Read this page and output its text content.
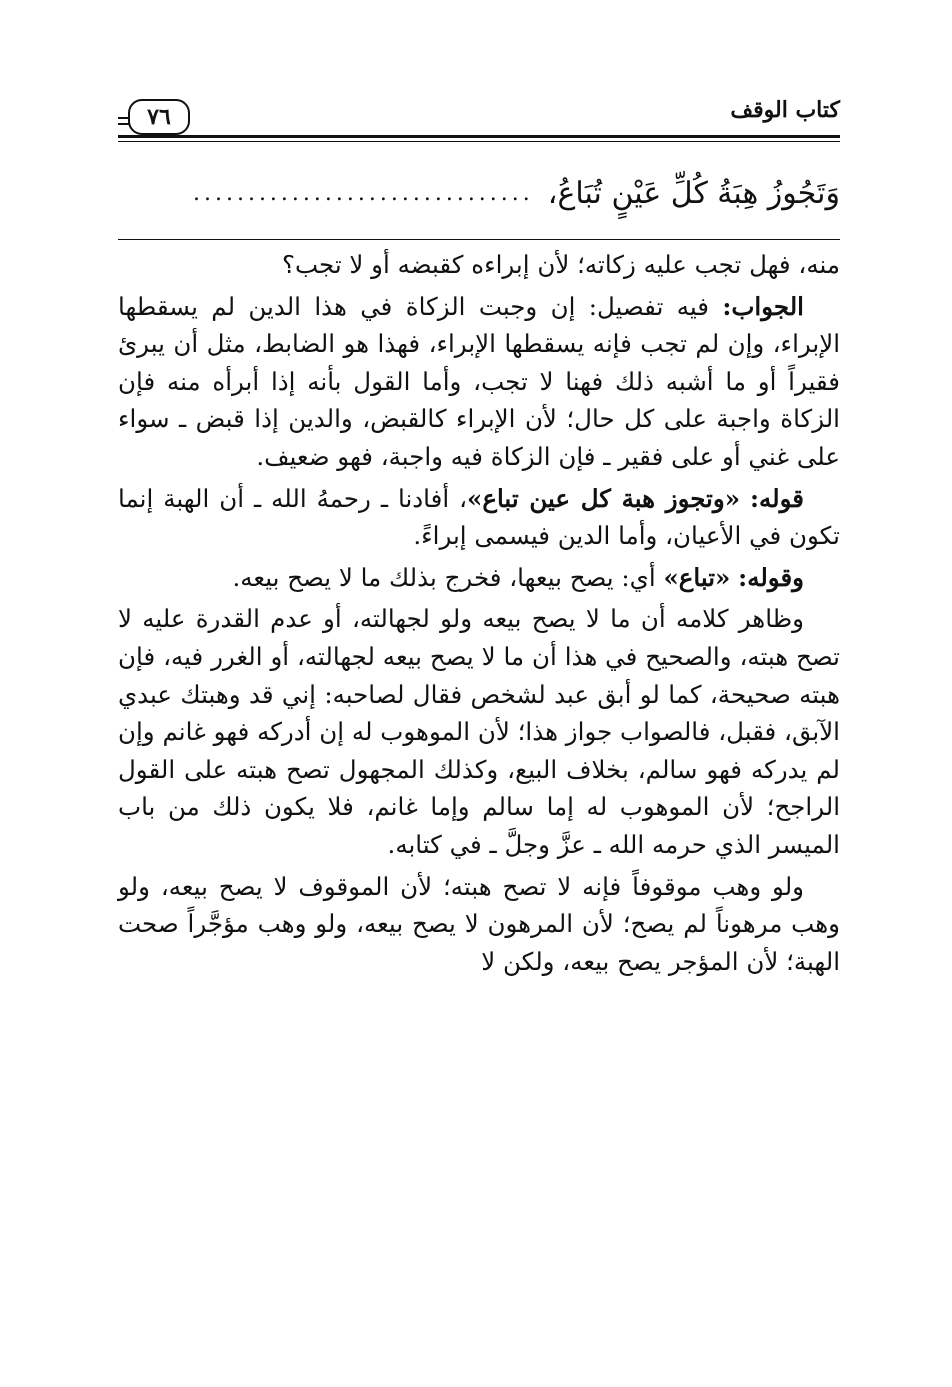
٧٦	كتاب الوقف
وَتَجُوزُ هِبَةُ كُلِّ عَيْنٍ تُبَاعُ،
...............................

منه، فهل تجب عليه زكاته؛ لأن إبراءه كقبضه أو لا تجب؟

الجواب: فيه تفصيل: إن وجبت الزكاة في هذا الدين لم يسقطها الإبراء، وإن لم تجب فإنه يسقطها الإبراء، فهذا هو الضابط، مثل أن يبرئ فقيراً أو ما أشبه ذلك فهنا لا تجب، وأما القول بأنه إذا أبرأه منه فإن الزكاة واجبة على كل حال؛ لأن الإبراء كالقبض، والدين إذا قبض ـ سواء على غني أو على فقير ـ فإن الزكاة فيه واجبة، فهو ضعيف.

قوله: «وتجوز هبة كل عين تباع»، أفادنا ـ رحمهُ الله ـ أن الهبة إنما تكون في الأعيان، وأما الدين فيسمى إبراءً.

وقوله: «تباع» أي: يصح بيعها، فخرج بذلك ما لا يصح بيعه.

وظاهر كلامه أن ما لا يصح بيعه ولو لجهالته، أو عدم القدرة عليه لا تصح هبته، والصحيح في هذا أن ما لا يصح بيعه لجهالته، أو الغرر فيه، فإن هبته صحيحة، كما لو أبق عبد لشخص فقال لصاحبه: إني قد وهبتك عبدي الآبق، فقبل، فالصواب جواز هذا؛ لأن الموهوب له إن أدركه فهو غانم وإن لم يدركه فهو سالم، بخلاف البيع، وكذلك المجهول تصح هبته على القول الراجح؛ لأن الموهوب له إما سالم وإما غانم، فلا يكون ذلك من باب الميسر الذي حرمه الله ـ عزَّ وجلَّ ـ في كتابه.

ولو وهب موقوفاً فإنه لا تصح هبته؛ لأن الموقوف لا يصح بيعه، ولو وهب مرهوناً لم يصح؛ لأن المرهون لا يصح بيعه، ولو وهب مؤجَّراً صحت الهبة؛ لأن المؤجر يصح بيعه، ولكن لا
